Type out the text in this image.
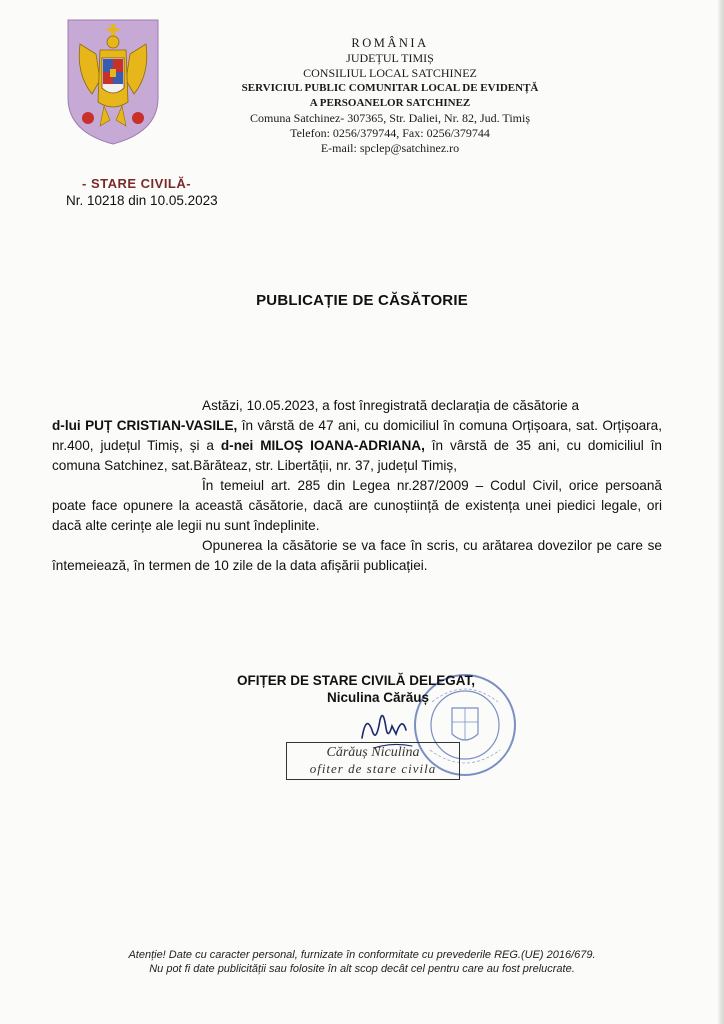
ROMÂNIA
JUDEȚUL TIMIȘ
CONSILIUL LOCAL SATCHINEZ
SERVICIUL PUBLIC COMUNITAR LOCAL DE EVIDENȚĂ
A PERSOANELOR SATCHINEZ
Comuna Satchinez- 307365, Str. Daliei, Nr. 82, Jud. Timiș
Telefon: 0256/379744, Fax: 0256/379744
E-mail: spclep@satchinez.ro
- STARE CIVILĂ-
Nr. 10218 din 10.05.2023
PUBLICAȚIE DE CĂSĂTORIE
Astăzi, 10.05.2023, a fost înregistrată declarația de căsătorie a
d-lui PUȚ CRISTIAN-VASILE, în vârstă de 47 ani, cu domiciliul în comuna Orțișoara, sat. Orțișoara, nr.400, județul Timiș, și a d-nei MILOȘ IOANA-ADRIANA, în vârstă de 35 ani, cu domiciliul în comuna Satchinez, sat.Bărăteaz, str. Libertății, nr. 37, județul Timiș,
În temeiul art. 285 din Legea nr.287/2009 – Codul Civil, orice persoană poate face opunere la această căsătorie, dacă are cunoștiință de existența unei piedici legale, ori dacă alte cerințe ale legii nu sunt îndeplinite.
Opunerea la căsătorie se va face în scris, cu arătarea dovezilor pe care se întemeiează, în termen de 10 zile de la data afișării publicației.
OFIȚER DE STARE CIVILĂ DELEGAT,
Niculina Cărăuș
Cărăuș Niculina
ofiter de stare civila
Atenție! Date cu caracter personal, furnizate în conformitate cu prevederile REG.(UE) 2016/679.
Nu pot fi date publicității sau folosite în alt scop decât cel pentru care au fost prelucrate.
